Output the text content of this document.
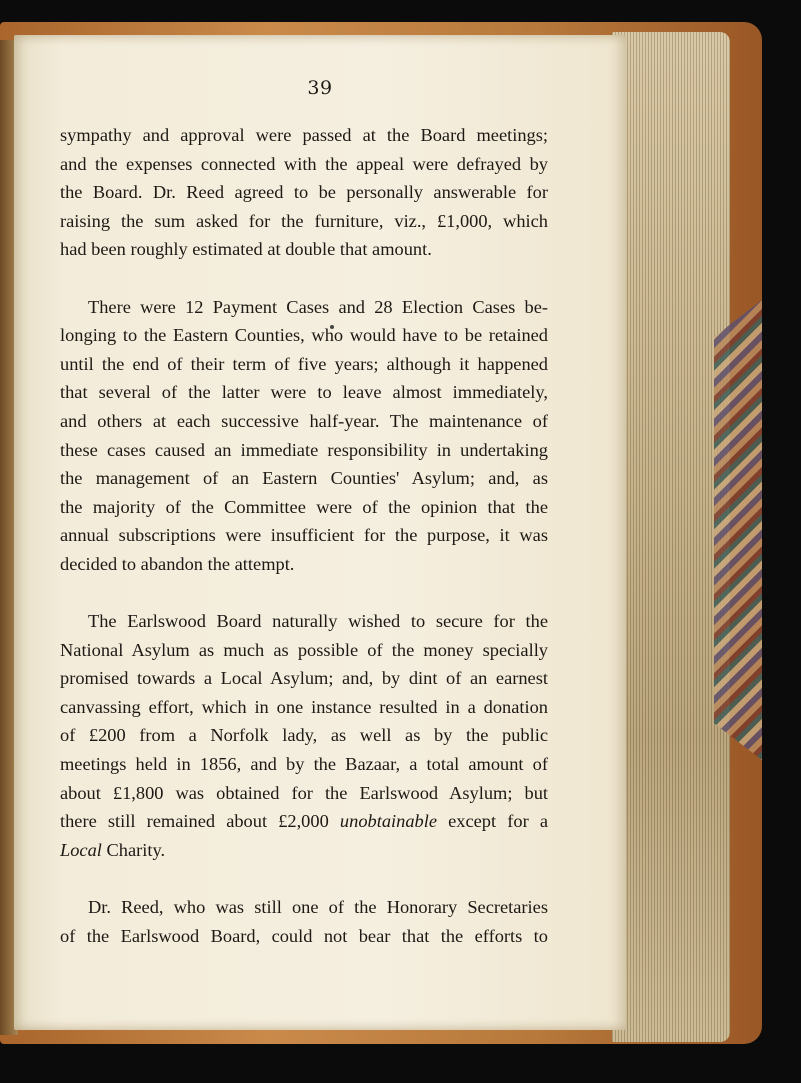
39

sympathy and approval were passed at the Board meetings;
and the expenses connected with the appeal were defrayed by
the Board. Dr. Reed agreed to be personally answerable for
raising the sum asked for the furniture, viz., £1,000, which
had been roughly estimated at double that amount.

There were 12 Payment Cases and 28 Election Cases be-
longing to the Eastern Counties, who would have to be retained
until the end of their term of five years; although it happened
that several of the latter were to leave almost immediately,
and others at each successive half-year. The maintenance of
these cases caused an immediate responsibility in undertaking
the management of an Eastern Counties' Asylum; and, as
the majority of the Committee were of the opinion that the
annual subscriptions were insufficient for the purpose, it was
decided to abandon the attempt.

The Earlswood Board naturally wished to secure for the
National Asylum as much as possible of the money specially
promised towards a Local Asylum; and, by dint of an earnest
canvassing effort, which in one instance resulted in a donation
of £200 from a Norfolk lady, as well as by the public
meetings held in 1856, and by the Bazaar, a total amount of
about £1,800 was obtained for the Earlswood Asylum; but
there still remained about £2,000 unobtainable except for a
Local Charity.

Dr. Reed, who was still one of the Honorary Secretaries
of the Earlswood Board, could not bear that the efforts to
